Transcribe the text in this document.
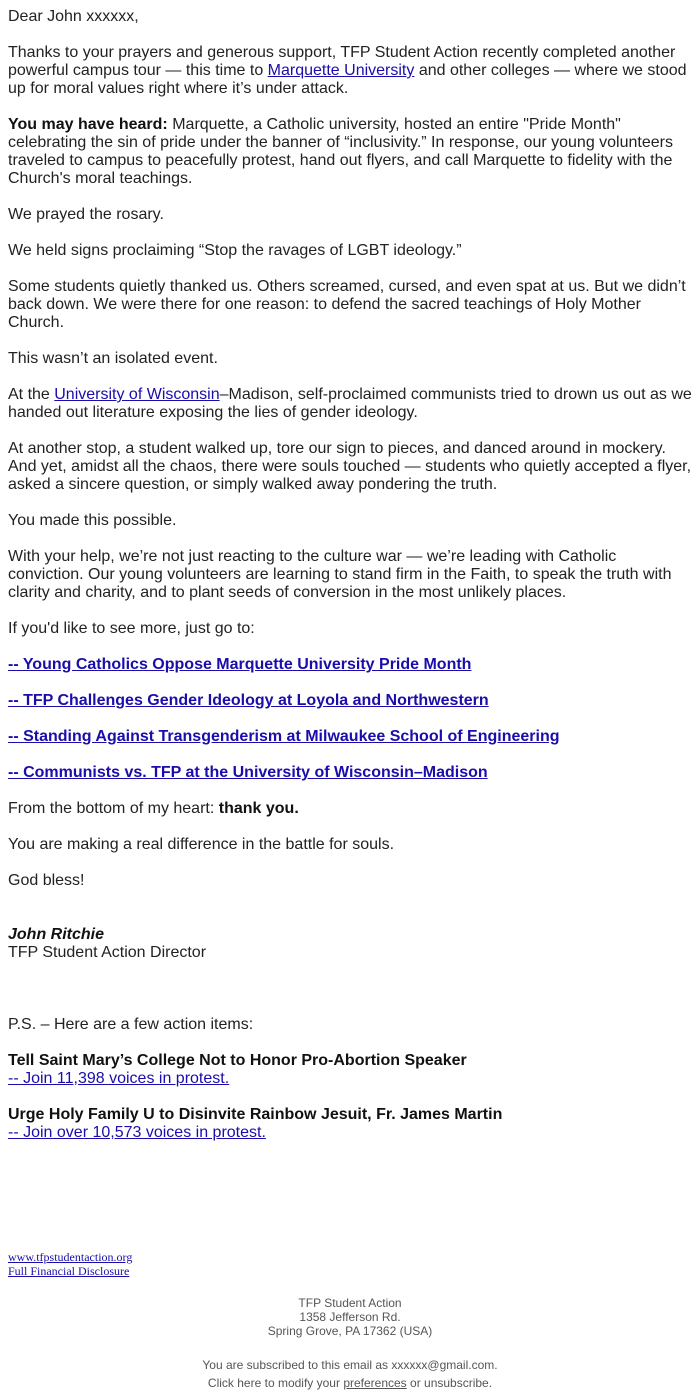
Dear John xxxxxx,

Thanks to your prayers and generous support, TFP Student Action recently completed another powerful campus tour — this time to Marquette University and other colleges — where we stood up for moral values right where it’s under attack.

You may have heard: Marquette, a Catholic university, hosted an entire "Pride Month" celebrating the sin of pride under the banner of “inclusivity.” In response, our young volunteers traveled to campus to peacefully protest, hand out flyers, and call Marquette to fidelity with the Church's moral teachings.

We prayed the rosary.

We held signs proclaiming “Stop the ravages of LGBT ideology.”

Some students quietly thanked us. Others screamed, cursed, and even spat at us. But we didn’t back down. We were there for one reason: to defend the sacred teachings of Holy Mother Church.

This wasn’t an isolated event.

At the University of Wisconsin–Madison, self-proclaimed communists tried to drown us out as we handed out literature exposing the lies of gender ideology.

At another stop, a student walked up, tore our sign to pieces, and danced around in mockery. And yet, amidst all the chaos, there were souls touched — students who quietly accepted a flyer, asked a sincere question, or simply walked away pondering the truth.

You made this possible.

With your help, we’re not just reacting to the culture war — we’re leading with Catholic conviction. Our young volunteers are learning to stand firm in the Faith, to speak the truth with clarity and charity, and to plant seeds of conversion in the most unlikely places.

If you'd like to see more, just go to:

-- Young Catholics Oppose Marquette University Pride Month

-- TFP Challenges Gender Ideology at Loyola and Northwestern

-- Standing Against Transgenderism at Milwaukee School of Engineering

-- Communists vs. TFP at the University of Wisconsin–Madison

From the bottom of my heart: thank you.

You are making a real difference in the battle for souls.

God bless!

John Ritchie

TFP Student Action Director

P.S. – Here are a few action items:

Tell Saint Mary’s College Not to Honor Pro-Abortion Speaker

-- Join 11,398 voices in protest.

Urge Holy Family U to Disinvite Rainbow Jesuit, Fr. James Martin

-- Join over 10,573 voices in protest.

www.tfpstudentaction.org
Full Financial Disclosure
TFP Student Action
1358 Jefferson Rd.
Spring Grove, PA 17362 (USA)
You are subscribed to this email as xxxxxx@gmail.com.
Click here to modify your preferences or unsubscribe.
